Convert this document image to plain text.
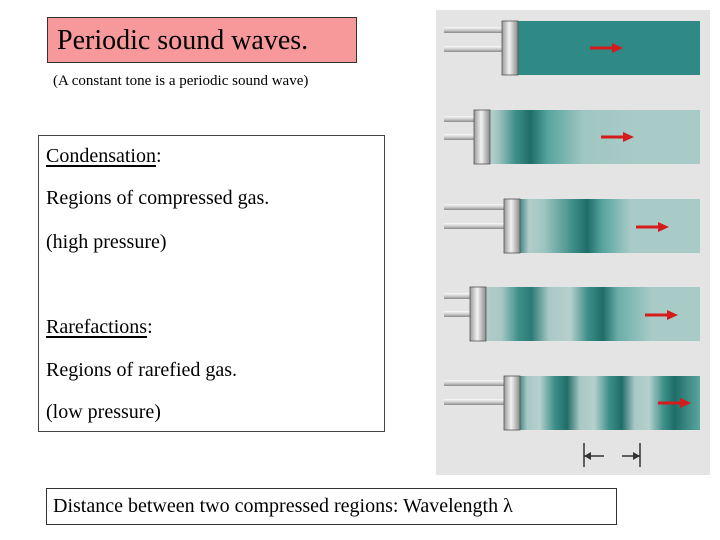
Periodic sound waves.
(A constant tone is a periodic sound wave)

Condensation:

Regions of compressed gas.

(high pressure)

Rarefactions:

Regions of rarefied gas.

(low pressure)

Distance between two compressed regions: Wavelength λ
